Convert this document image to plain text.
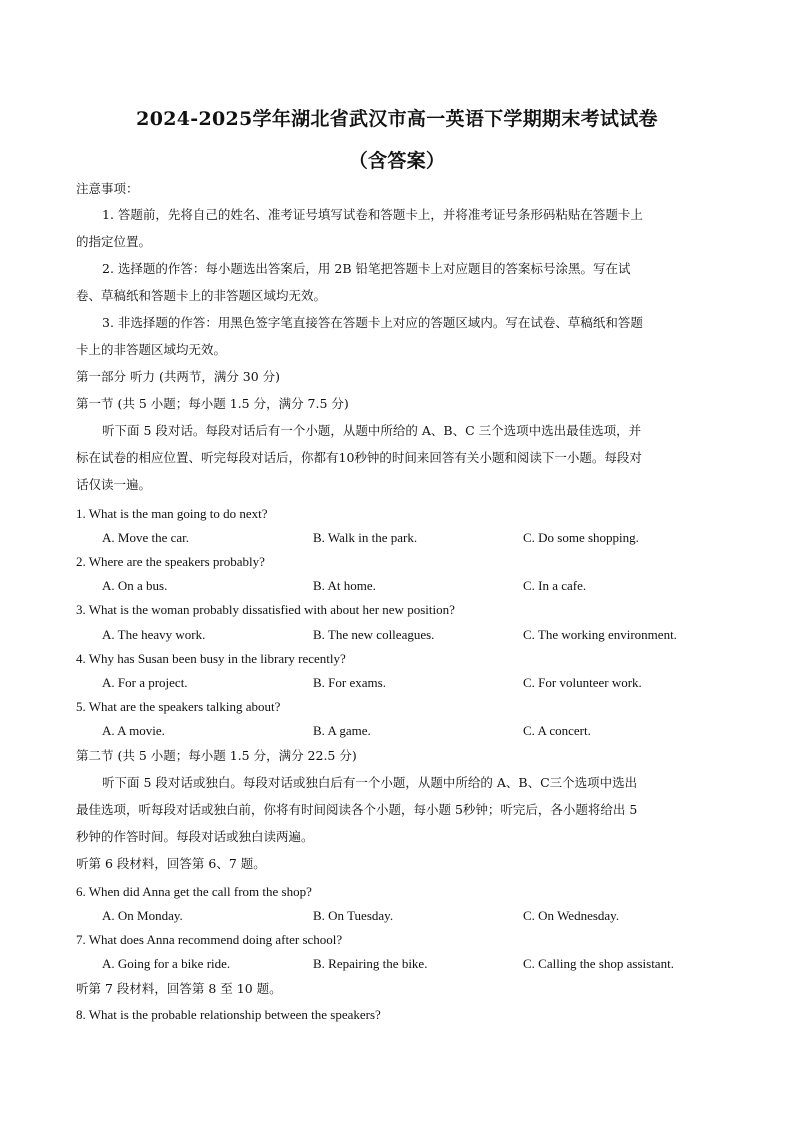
2024-2025学年湖北省武汉市高一英语下学期期末考试试卷
（含答案）
注意事项：
1. 答题前，先将自己的姓名、准考证号填写试卷和答题卡上，并将准考证号条形码粘贴在答题卡上
的指定位置。
2. 选择题的作答：每小题选出答案后，用 2B 铅笔把答题卡上对应题目的答案标号涂黑。写在试
卷、草稿纸和答题卡上的非答题区域均无效。
3. 非选择题的作答：用黑色签字笔直接答在答题卡上对应的答题区域内。写在试卷、草稿纸和答题
卡上的非答题区域均无效。
第一部分 听力 (共两节，满分 30 分)
第一节 (共 5 小题；每小题 1.5 分，满分 7.5 分)
听下面 5 段对话。每段对话后有一个小题，从题中所给的 A、B、C 三个选项中选出最佳选项，并
标在试卷的相应位置、听完每段对话后，你都有10秒钟的时间来回答有关小题和阅读下一小题。每段对
话仅读一遍。
1. What is the man going to do next?
A. Move the car.	B. Walk in the park.	C. Do some shopping.
2. Where are the speakers probably?
A. On a bus.	B. At home.	C. In a cafe.
3. What is the woman probably dissatisfied with about her new position?
A. The heavy work.	B. The new colleagues.	C. The working environment.
4. Why has Susan been busy in the library recently?
A. For a project.	B. For exams.	C. For volunteer work.
5. What are the speakers talking about?
A. A movie.	B. A game.	C. A concert.
第二节 (共 5 小题；每小题 1.5 分，满分 22.5 分)
听下面 5 段对话或独白。每段对话或独白后有一个小题，从题中所给的 A、B、C三个选项中选出
最佳选项，听每段对话或独白前，你将有时间阅读各个小题，每小题 5秒钟；听完后，各小题将给出 5
秒钟的作答时间。每段对话或独白读两遍。
听第 6 段材料，回答第 6、7 题。
6. When did Anna get the call from the shop?
A. On Monday.	B. On Tuesday.	C. On Wednesday.
7. What does Anna recommend doing after school?
A. Going for a bike ride.	B. Repairing the bike.	C. Calling the shop assistant.
听第 7 段材料，回答第 8 至 10 题。
8. What is the probable relationship between the speakers?
